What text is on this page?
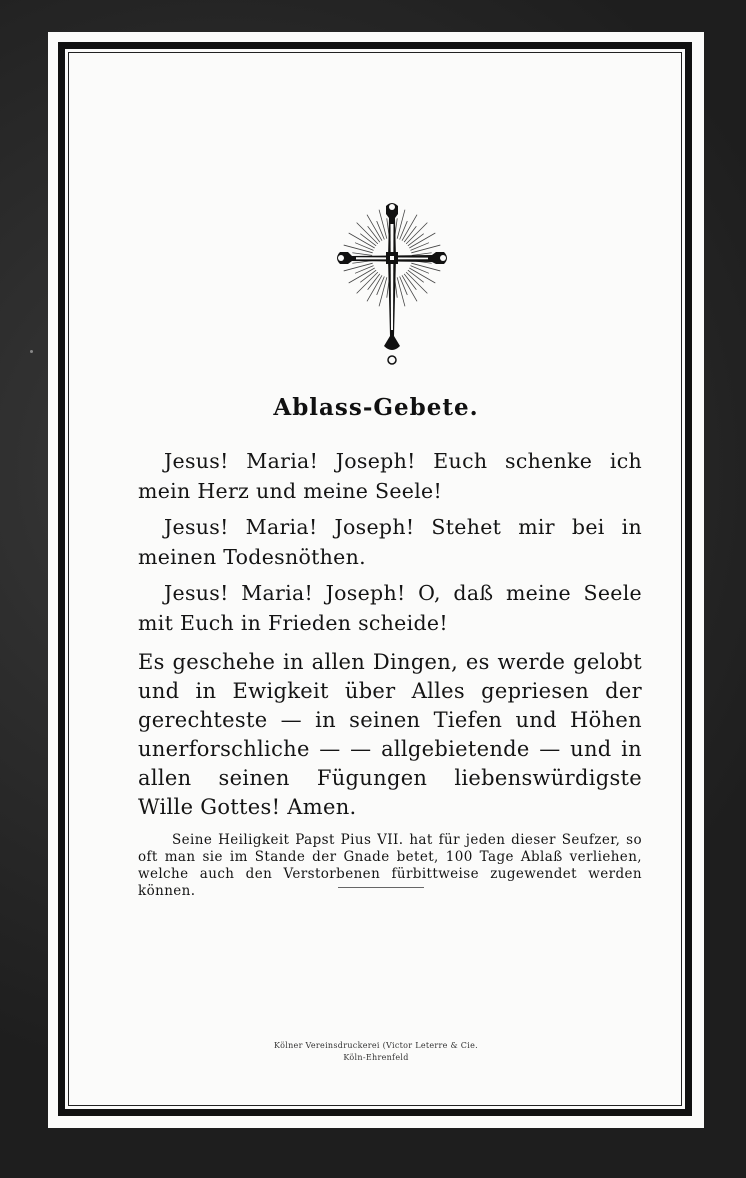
Ablass-Gebete.

Jesus! Maria! Joseph! Euch schenke ich mein Herz und meine Seele!

Jesus! Maria! Joseph! Stehet mir bei in meinen Todesnöthen.

Jesus! Maria! Joseph! O, daß meine Seele mit Euch in Frieden scheide!

Es geschehe in allen Dingen, es werde gelobt und in Ewigkeit über Alles gepriesen der gerechteste — in seinen Tiefen und Höhen unerforschliche — — allgebietende — und in allen seinen Fügungen liebenswürdigste Wille Gottes! Amen.

Seine Heiligkeit Papst Pius VII. hat für jeden dieser Seufzer, so oft man sie im Stande der Gnade betet, 100 Tage Ablaß verliehen, welche auch den Verstorbenen fürbittweise zugewendet werden können.

Kölner Vereinsdruckerei (Victor Leterre & Cie.
Köln-Ehrenfeld
